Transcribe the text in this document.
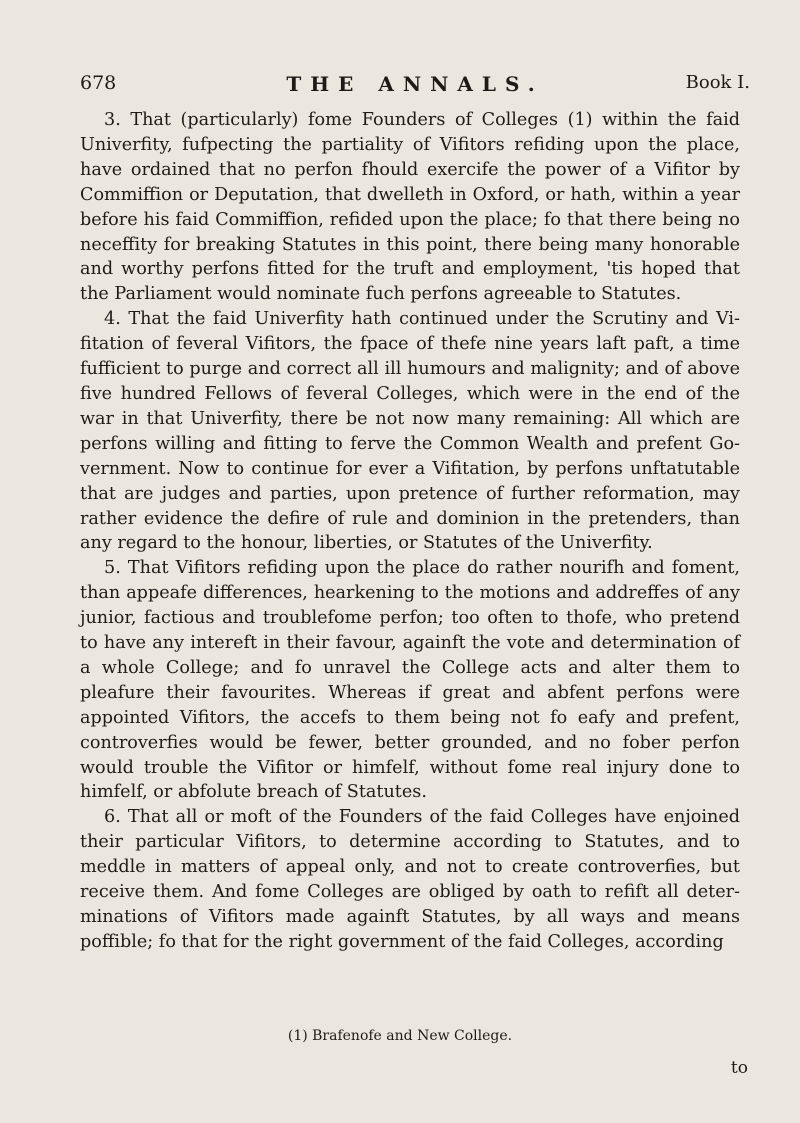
678	THE ANNALS.	Book I.

3. That (particularly) fome Founders of Colleges (1) within the faid Univerfity, fufpecting the partiality of Vifitors refiding upon the place, have ordained that no perfon fhould exercife the power of a Vifitor by Commiffion or Deputation, that dwelleth in Oxford, or hath, within a year before his faid Commiffion, refided upon the place; fo that there being no neceffity for breaking Statutes in this point, there being many honorable and worthy perfons fitted for the truft and employment, 'tis hoped that the Parliament would nominate fuch perfons agreeable to Statutes.

4. That the faid Univerfity hath continued under the Scrutiny and Vi-fitation of feveral Vifitors, the fpace of thefe nine years laft paft, a time fufficient to purge and correct all ill humours and malignity; and of above five hundred Fellows of feveral Colleges, which were in the end of the war in that Univerfity, there be not now many remaining: All which are perfons willing and fitting to ferve the Common Wealth and prefent Go-vernment. Now to continue for ever a Vifitation, by perfons unftatutable that are judges and parties, upon pretence of further reformation, may rather evidence the defire of rule and dominion in the pretenders, than any regard to the honour, liberties, or Statutes of the Univerfity.

5. That Vifitors refiding upon the place do rather nourifh and foment, than appeafe differences, hearkening to the motions and addreffes of any junior, factious and troublefome perfon; too often to thofe, who pretend to have any intereft in their favour, againft the vote and determination of a whole College; and fo unravel the College acts and alter them to pleafure their favourites. Whereas if great and abfent perfons were appointed Vifitors, the accefs to them being not fo eafy and prefent, controverfies would be fewer, better grounded, and no fober perfon would trouble the Vifitor or himfelf, without fome real injury done to himfelf, or abfolute breach of Statutes.

6. That all or moft of the Founders of the faid Colleges have enjoined their particular Vifitors, to determine according to Statutes, and to meddle in matters of appeal only, and not to create controverfies, but receive them. And fome Colleges are obliged by oath to refift all deter-minations of Vifitors made againft Statutes, by all ways and means poffible; fo that for the right government of the faid Colleges, according

(1) Brafenofe and New College.
to
